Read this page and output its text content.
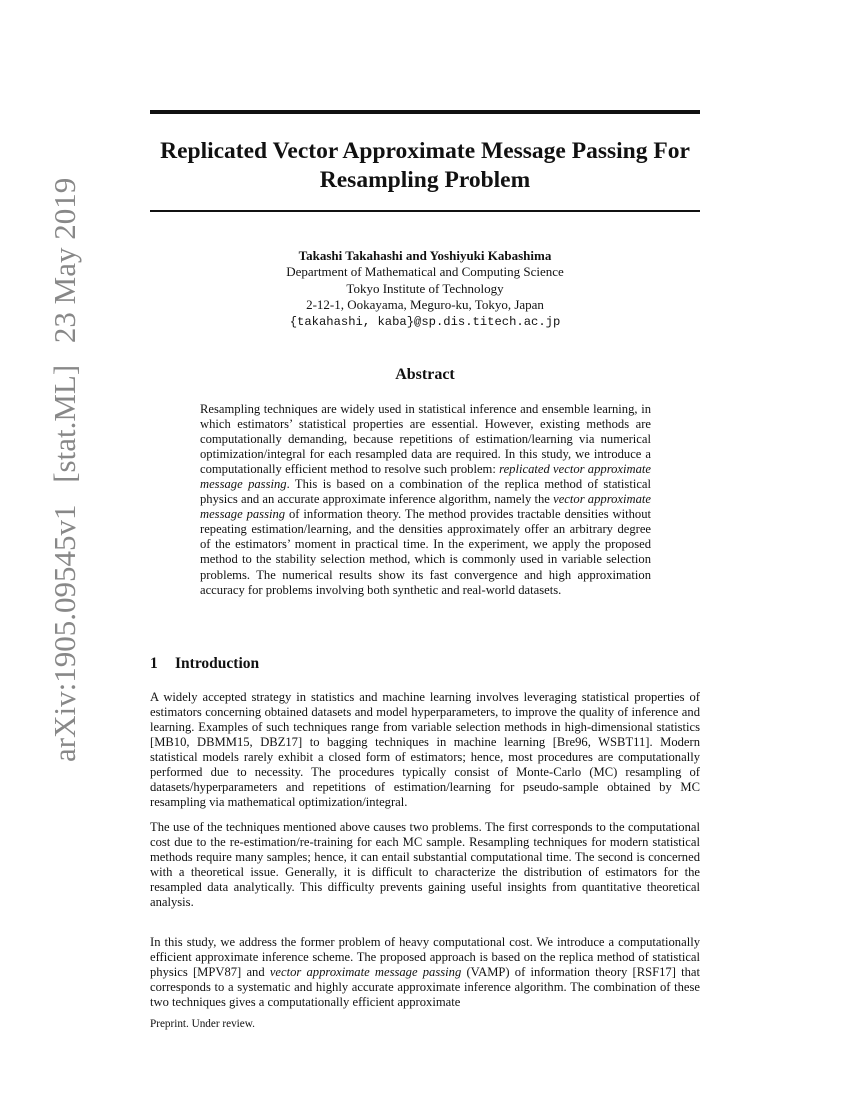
arXiv:1905.09545v1 [stat.ML] 23 May 2019
Replicated Vector Approximate Message Passing For
Resampling Problem
Takashi Takahashi and Yoshiyuki Kabashima
Department of Mathematical and Computing Science
Tokyo Institute of Technology
2-12-1, Ookayama, Meguro-ku, Tokyo, Japan
{takahashi, kaba}@sp.dis.titech.ac.jp
Abstract

Resampling techniques are widely used in statistical inference and ensemble learning, in which estimators’ statistical properties are essential. However, existing methods are computationally demanding, because repetitions of estimation/learning via numerical optimization/integral for each resampled data are required. In this study, we introduce a computationally efficient method to resolve such problem: replicated vector approximate message passing. This is based on a combination of the replica method of statistical physics and an accurate approximate inference algorithm, namely the vector approximate message passing of information theory. The method provides tractable densities without repeating estimation/learning, and the densities approximately offer an arbitrary degree of the estimators’ moment in practical time. In the experiment, we apply the proposed method to the stability selection method, which is commonly used in variable selection problems. The numerical results show its fast convergence and high approximation accuracy for problems involving both synthetic and real-world datasets.

1 Introduction

A widely accepted strategy in statistics and machine learning involves leveraging statistical properties of estimators concerning obtained datasets and model hyperparameters, to improve the quality of inference and learning. Examples of such techniques range from variable selection methods in high-dimensional statistics [MB10, DBMM15, DBZ17] to bagging techniques in machine learning [Bre96, WSBT11]. Modern statistical models rarely exhibit a closed form of estimators; hence, most procedures are computationally performed due to necessity. The procedures typically consist of Monte-Carlo (MC) resampling of datasets/hyperparameters and repetitions of estimation/learning for pseudo-sample obtained by MC resampling via mathematical optimization/integral.

The use of the techniques mentioned above causes two problems. The first corresponds to the computational cost due to the re-estimation/re-training for each MC sample. Resampling techniques for modern statistical methods require many samples; hence, it can entail substantial computational time. The second is concerned with a theoretical issue. Generally, it is difficult to characterize the distribution of estimators for the resampled data analytically. This difficulty prevents gaining useful insights from quantitative theoretical analysis.

In this study, we address the former problem of heavy computational cost. We introduce a computationally efficient approximate inference scheme. The proposed approach is based on the replica method of statistical physics [MPV87] and vector approximate message passing (VAMP) of information theory [RSF17] that corresponds to a systematic and highly accurate approximate inference algorithm. The combination of these two techniques gives a computationally efficient approximate

Preprint. Under review.
